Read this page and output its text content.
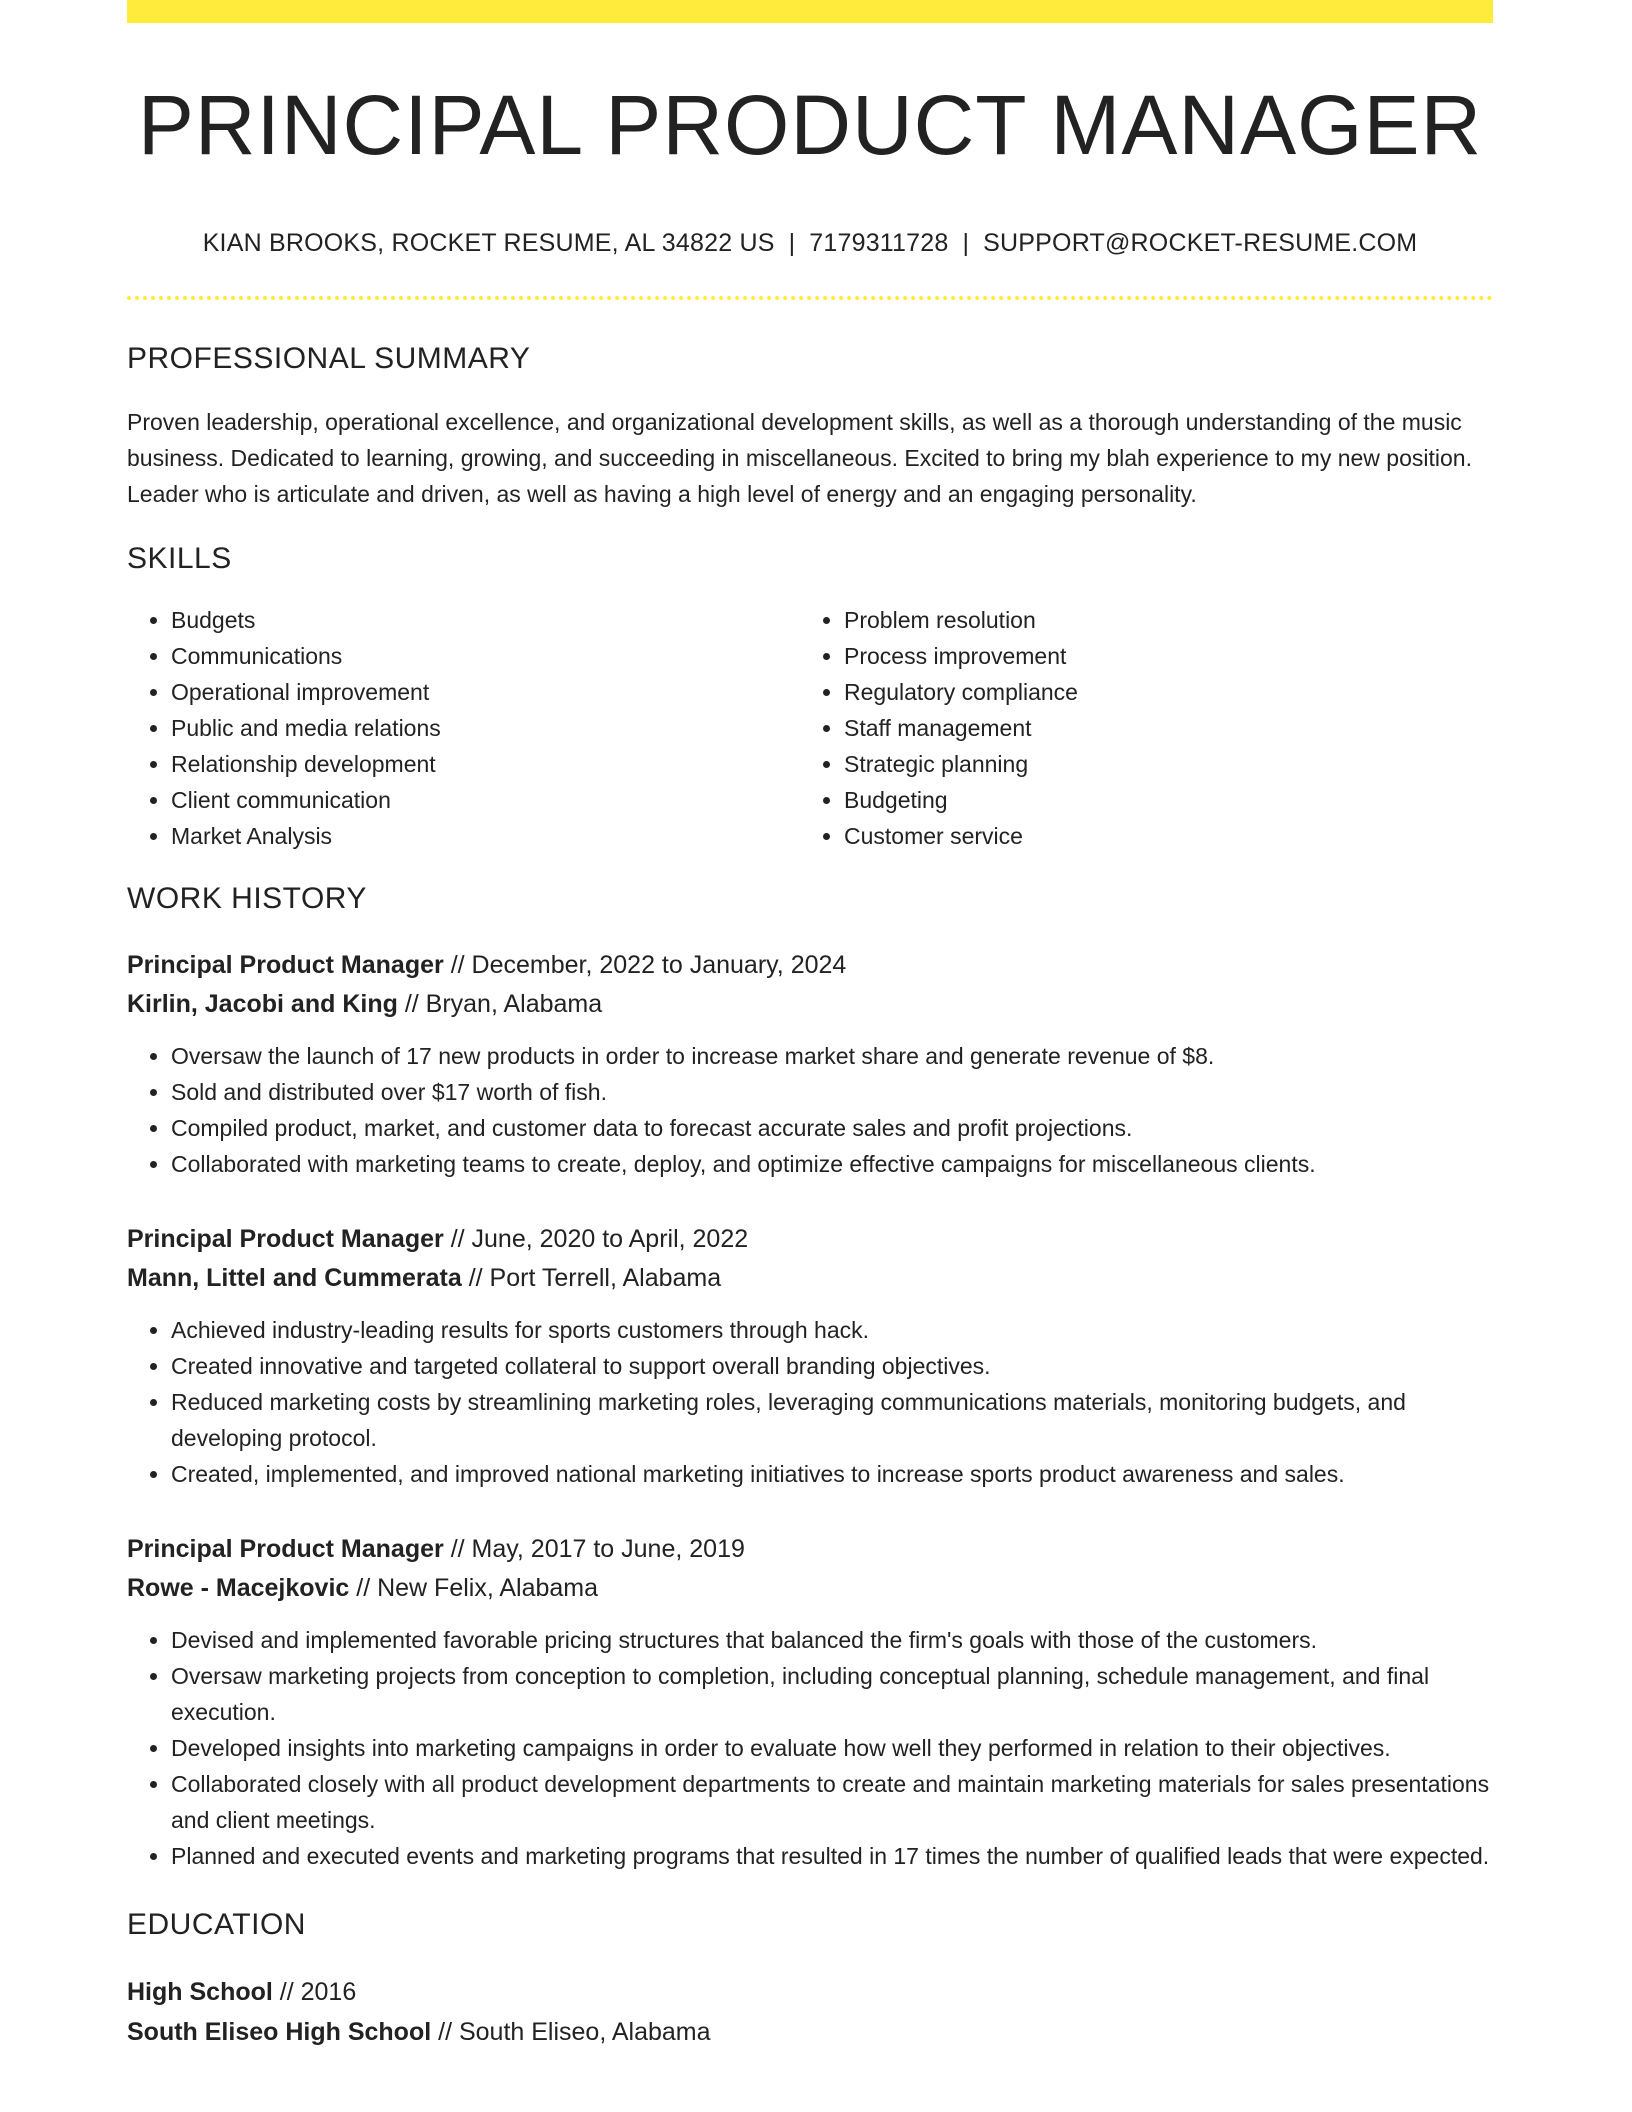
PRINCIPAL PRODUCT MANAGER
KIAN BROOKS, ROCKET RESUME, AL 34822 US | 7179311728 | SUPPORT@ROCKET-RESUME.COM
PROFESSIONAL SUMMARY

Proven leadership, operational excellence, and organizational development skills, as well as a thorough understanding of the music business. Dedicated to learning, growing, and succeeding in miscellaneous. Excited to bring my blah experience to my new position. Leader who is articulate and driven, as well as having a high level of energy and an engaging personality.

SKILLS
• Budgets
• Communications
• Operational improvement
• Public and media relations
• Relationship development
• Client communication
• Market Analysis
• Problem resolution
• Process improvement
• Regulatory compliance
• Staff management
• Strategic planning
• Budgeting
• Customer service
WORK HISTORY
Principal Product Manager // December, 2022 to January, 2024
Kirlin, Jacobi and King // Bryan, Alabama
• Oversaw the launch of 17 new products in order to increase market share and generate revenue of $8.
• Sold and distributed over $17 worth of fish.
• Compiled product, market, and customer data to forecast accurate sales and profit projections.
• Collaborated with marketing teams to create, deploy, and optimize effective campaigns for miscellaneous clients.
Principal Product Manager // June, 2020 to April, 2022
Mann, Littel and Cummerata // Port Terrell, Alabama
• Achieved industry-leading results for sports customers through hack.
• Created innovative and targeted collateral to support overall branding objectives.
• Reduced marketing costs by streamlining marketing roles, leveraging communications materials, monitoring budgets, and developing protocol.
• Created, implemented, and improved national marketing initiatives to increase sports product awareness and sales.
Principal Product Manager // May, 2017 to June, 2019
Rowe - Macejkovic // New Felix, Alabama
• Devised and implemented favorable pricing structures that balanced the firm's goals with those of the customers.
• Oversaw marketing projects from conception to completion, including conceptual planning, schedule management, and final execution.
• Developed insights into marketing campaigns in order to evaluate how well they performed in relation to their objectives.
• Collaborated closely with all product development departments to create and maintain marketing materials for sales presentations and client meetings.
• Planned and executed events and marketing programs that resulted in 17 times the number of qualified leads that were expected.
EDUCATION
High School // 2016
South Eliseo High School // South Eliseo, Alabama
